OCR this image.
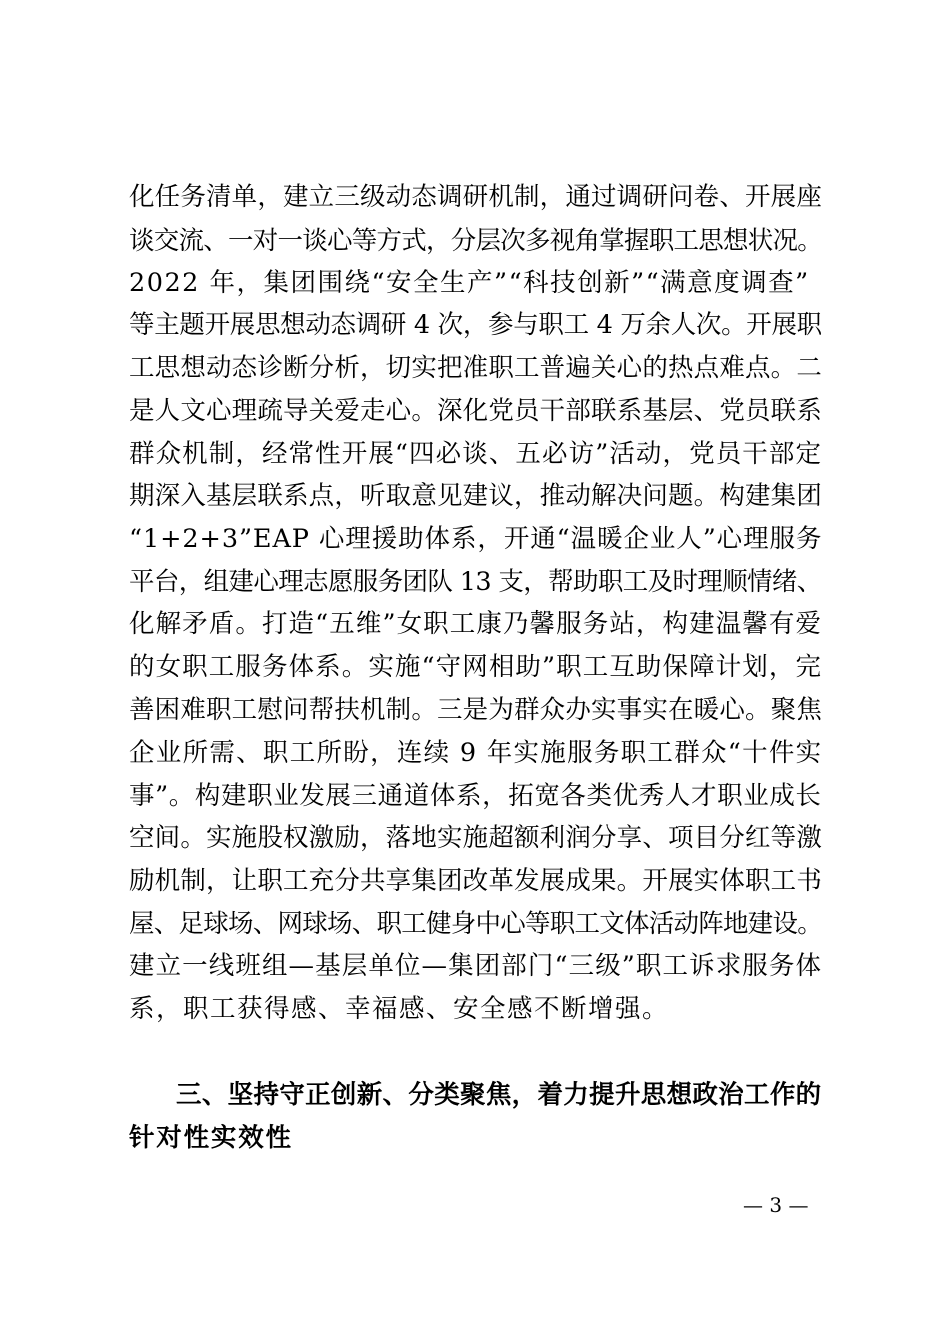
化任务清单，建立三级动态调研机制，通过调研问卷、开展座
谈交流、一对一谈心等方式，分层次多视角掌握职工思想状况。
2022 年，集团围绕“安全生产”“科技创新”“满意度调查”
等主题开展思想动态调研 4 次，参与职工 4 万余人次。开展职
工思想动态诊断分析，切实把准职工普遍关心的热点难点。二
是人文心理疏导关爱走心。深化党员干部联系基层、党员联系
群众机制，经常性开展“四必谈、五必访”活动，党员干部定
期深入基层联系点，听取意见建议，推动解决问题。构建集团
“1+2+3”EAP 心理援助体系，开通“温暖企业人”心理服务
平台，组建心理志愿服务团队 13 支，帮助职工及时理顺情绪、
化解矛盾。打造“五维”女职工康乃馨服务站，构建温馨有爱
的女职工服务体系。实施“守网相助”职工互助保障计划，完
善困难职工慰问帮扶机制。三是为群众办实事实在暖心。聚焦
企业所需、职工所盼，连续 9 年实施服务职工群众“十件实
事”。构建职业发展三通道体系，拓宽各类优秀人才职业成长
空间。实施股权激励，落地实施超额利润分享、项目分红等激
励机制，让职工充分共享集团改革发展成果。开展实体职工书
屋、足球场、网球场、职工健身中心等职工文体活动阵地建设。
建立一线班组—基层单位—集团部门“三级”职工诉求服务体
系，职工获得感、幸福感、安全感不断增强。
三、坚持守正创新、分类聚焦，着力提升思想政治工作的
针对性实效性
— 3 —
